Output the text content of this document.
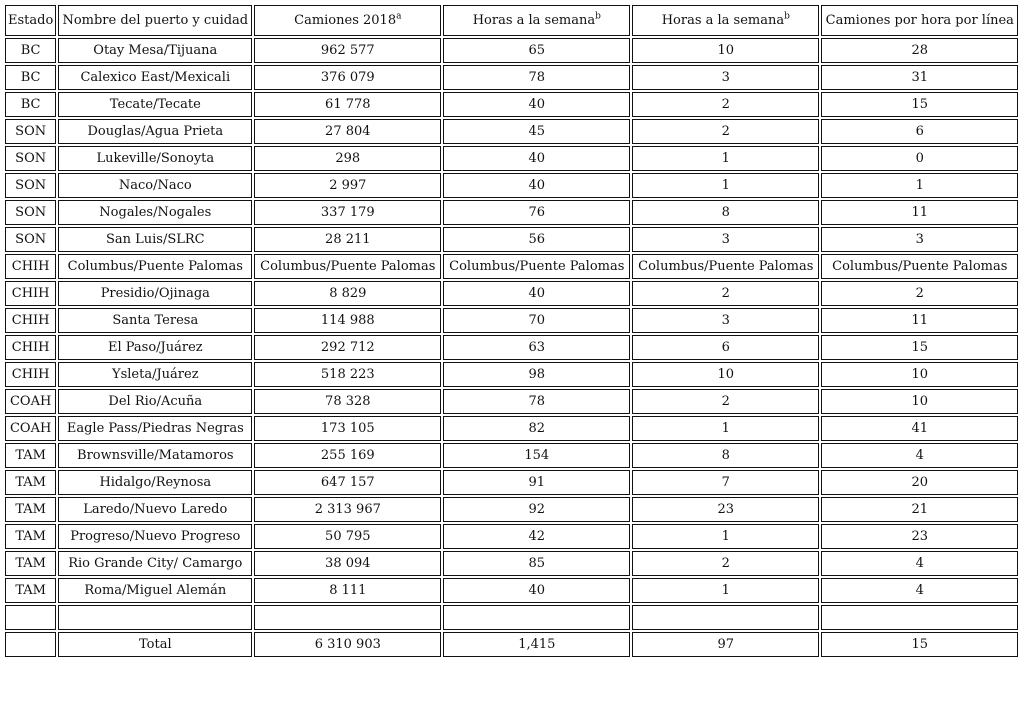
Estado	Nombre del puerto y cuidad	Camiones 2018$^a$	Horas a la semana$^b$	Horas a la semana$^b$	Camiones por hora por línea
BC	Otay Mesa/Tijuana	962 577	65	10	28
BC	Calexico East/Mexicali	376 079	78	3	31
BC	Tecate/Tecate	61 778	40	2	15
SON	Douglas/Agua Prieta	27 804	45	2	6
SON	Lukeville/Sonoyta	298	40	1	0
SON	Naco/Naco	2 997	40	1	1
SON	Nogales/Nogales	337 179	76	8	11
SON	San Luis/SLRC	28 211	56	3	3
CHIH	Columbus/Puente Palomas	Columbus/Puente Palomas	Columbus/Puente Palomas	Columbus/Puente Palomas	Columbus/Puente Palomas
CHIH	Presidio/Ojinaga	8 829	40	2	2
CHIH	Santa Teresa	114 988	70	3	11
CHIH	El Paso/Juárez	292 712	63	6	15
CHIH	Ysleta/Juárez	518 223	98	10	10
COAH	Del Rio/Acuña	78 328	78	2	10
COAH	Eagle Pass/Piedras Negras	173 105	82	1	41
TAM	Brownsville/Matamoros	255 169	154	8	4
TAM	Hidalgo/Reynosa	647 157	91	7	20
TAM	Laredo/Nuevo Laredo	2 313 967	92	23	21
TAM	Progreso/Nuevo Progreso	50 795	42	1	23
TAM	Rio Grande City/ Camargo	38 094	85	2	4
TAM	Roma/Miguel Alemán	8 111	40	1	4

	Total	6 310 903	1,415	97	15
